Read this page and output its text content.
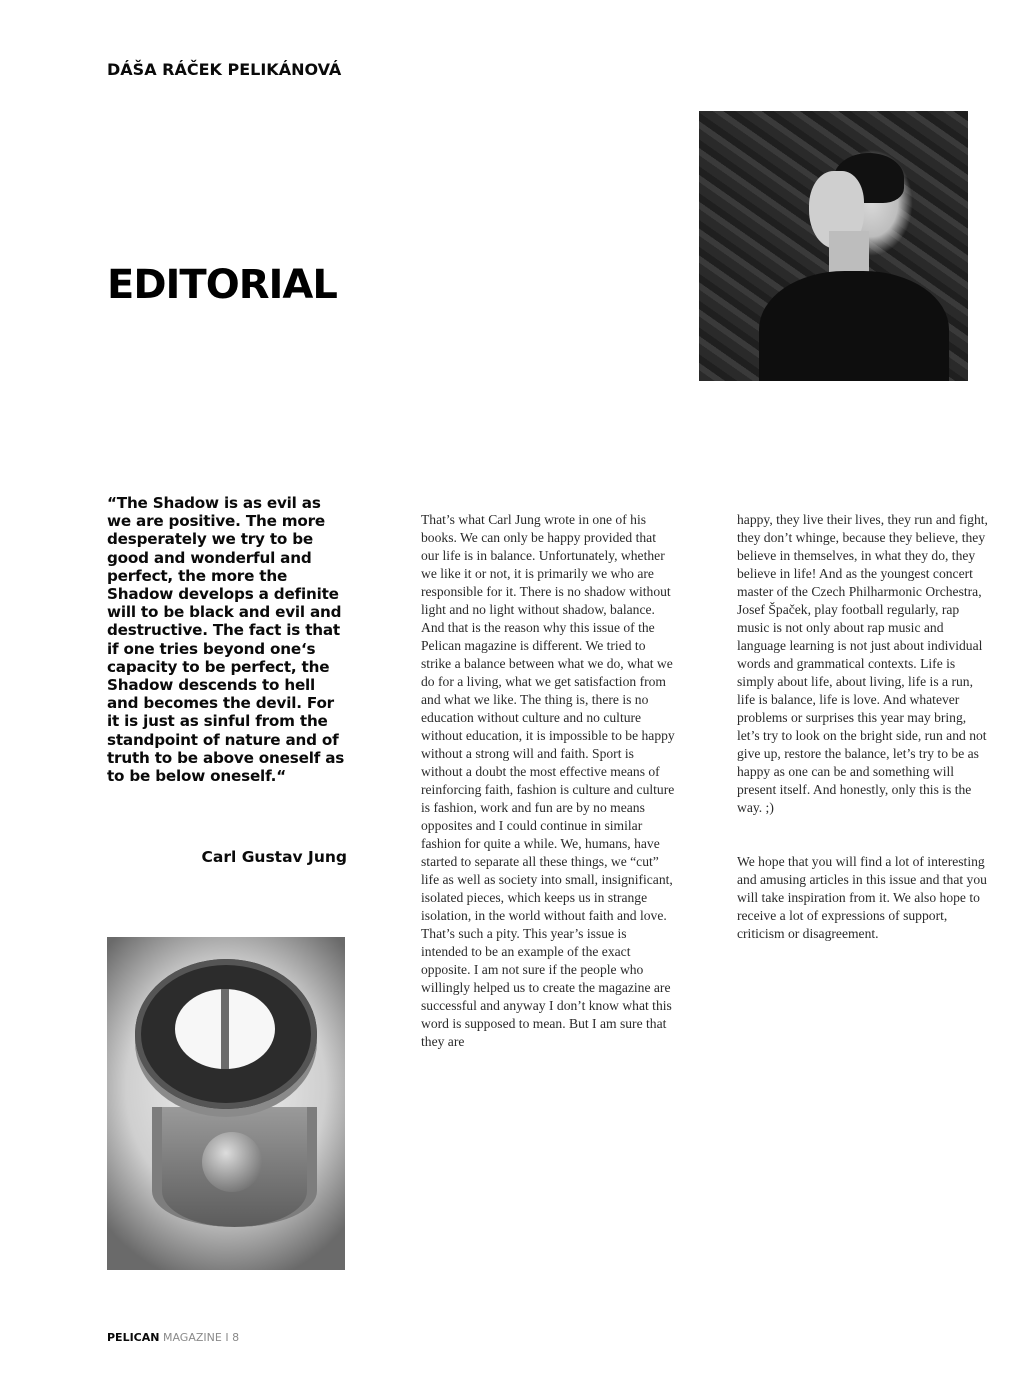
DÁŠA RÁČEK PELIKÁNOVÁ
EDITORIAL
“The Shadow is as evil as we are positive. The more desperately we try to be good and wonderful and perfect, the more the Shadow develops a definite will to be black and evil and destructive. The fact is that if one tries beyond one‘s capacity to be perfect, the Shadow descends to hell and becomes the devil. For it is just as sinful from the standpoint of nature and of truth to be above oneself as to be below oneself.“
Carl Gustav Jung

That’s what Carl Jung wrote in one of his books. We can only be happy provided that our life is in balance. Unfortunately, whether we like it or not, it is primarily we who are responsible for it. There is no shadow without light and no light without shadow, balance. And that is the reason why this issue of the Pelican magazine is different. We tried to strike a balance between what we do, what we do for a living, what we get satisfaction from and what we like. The thing is, there is no education without culture and no culture without education, it is impossible to be happy without a strong will and faith. Sport is without a doubt the most effective means of reinforcing faith, fashion is culture and culture is fashion, work and fun are by no means opposites and I could continue in similar fashion for quite a while. We, humans, have started to separate all these things, we “cut” life as well as society into small, insignificant, isolated pieces, which keeps us in strange isolation, in the world without faith and love. That’s such a pity. This year’s issue is intended to be an example of the exact opposite. I am not sure if the people who willingly helped us to create the magazine are successful and anyway I don’t know what this word is supposed to mean. But I am sure that they are

happy, they live their lives, they run and fight, they don’t whinge, because they believe, they believe in themselves, in what they do, they believe in life! And as the youngest concert master of the Czech Philharmonic Orchestra, Josef Špaček, play football regularly, rap music is not only about rap music and language learning is not just about individual words and grammatical contexts. Life is simply about life, about living, life is a run, life is balance, life is love. And whatever problems or surprises this year may bring, let’s try to look on the bright side, run and not give up, restore the balance, let’s try to be as happy as one can be and something will present itself. And honestly, only this is the way. ;)

We hope that you will find a lot of interesting and amusing articles in this issue and that you will take inspiration from it. We also hope to receive a lot of expressions of support, criticism or disagreement.

PELICAN MAGAZINE I 8
